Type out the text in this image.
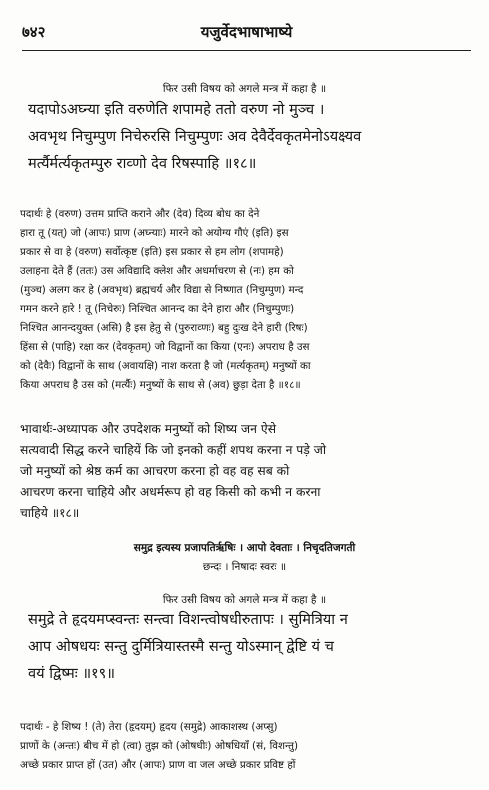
७४२	यजुर्वेदभाषाभाष्ये
फिर उसी विषय को अगले मन्त्र में कहा है ॥
यदापोऽअघ्न्या इति वरुणेति शपामहे ततो वरुण नो मुञ्च ।
अवभृथ निचुम्पुण निचेरुरसि निचुम्पुणः अव देवैर्देवकृतमेनोऽयक्ष्यव
मर्त्यैर्मर्त्यकृतम्पुरु राव्णो देव रिषस्पाहि ॥१८॥
पदार्थः हे (वरुण) उत्तम प्राप्ति कराने और (देव) दिव्य बोध का देने
हारा तू (यत्) जो (आपः) प्राण (अघ्न्याः) मारने को अयोग्य गौएं (इति) इस
प्रकार से वा हे (वरुण) सर्वोत्कृष्ट (इति) इस प्रकार से हम लोग (शपामहे)
उलाहना देते हैं (ततः) उस अविद्यादि क्लेश और अधर्माचरण से (नः) हम को
(मुञ्च) अलग कर हे (अवभृथ) ब्रह्मचर्य और विद्या से निष्णात (निचुम्पुण) मन्द
गमन करने हारे ! तू (निचेरुः) निश्चित आनन्द का देने हारा और (निचुम्पुणः)
निश्चित आनन्दयुक्त (असि) है इस हेतु से (पुरुराव्णः) बहु दुःख देने हारी (रिषः)
हिंसा से (पाहि) रक्षा कर (देवकृतम्) जो विद्वानों का किया (एनः) अपराध है उस
को (देवैः) विद्वानों के साथ (अवायक्षि) नाश करता है जो (मर्त्यकृतम्) मनुष्यों का
किया अपराध है उस को (मर्त्यैः) मनुष्यों के साथ से (अव) छुड़ा देता है ॥१८॥
भावार्थः-अध्यापक और उपदेशक मनुष्यों को शिष्य जन ऐसे
सत्यवादी सिद्ध करने चाहियें कि जो इनको कहीं शपथ करना न पड़े जो
जो मनुष्यों को श्रेष्ठ कर्म का आचरण करना हो वह वह सब को
आचरण करना चाहिये और अधर्मरूप हो वह किसी को कभी न करना
चाहिये ॥१८॥
समुद्र इत्यस्य प्रजापतिर्ऋषिः । आपो देवताः । निचृदतिजगती
छन्दः । निषादः स्वरः ॥
फिर उसी विषय को अगले मन्त्र में कहा है ॥
समुद्रे ते हृदयमप्स्वन्तः सन्त्वा विशन्त्वोषधीरुतापः । सुमित्रिया न
आप ओषधयः सन्तु दुर्मित्रियास्तस्मै सन्तु योऽस्मान् द्वेष्टि यं च
वयं द्विष्मः ॥१९॥
पदार्थः - हे शिष्य ! (ते) तेरा (हृदयम्) हृदय (समुद्रे) आकाशस्थ (अप्सु)
प्राणों के (अन्तः) बीच में हो (त्वा) तुझ को (ओषधीः) ओषधियाँ (सं, विशन्तु)
अच्छे प्रकार प्राप्त हों (उत) और (आपः) प्राण वा जल अच्छे प्रकार प्रविष्ट हों
